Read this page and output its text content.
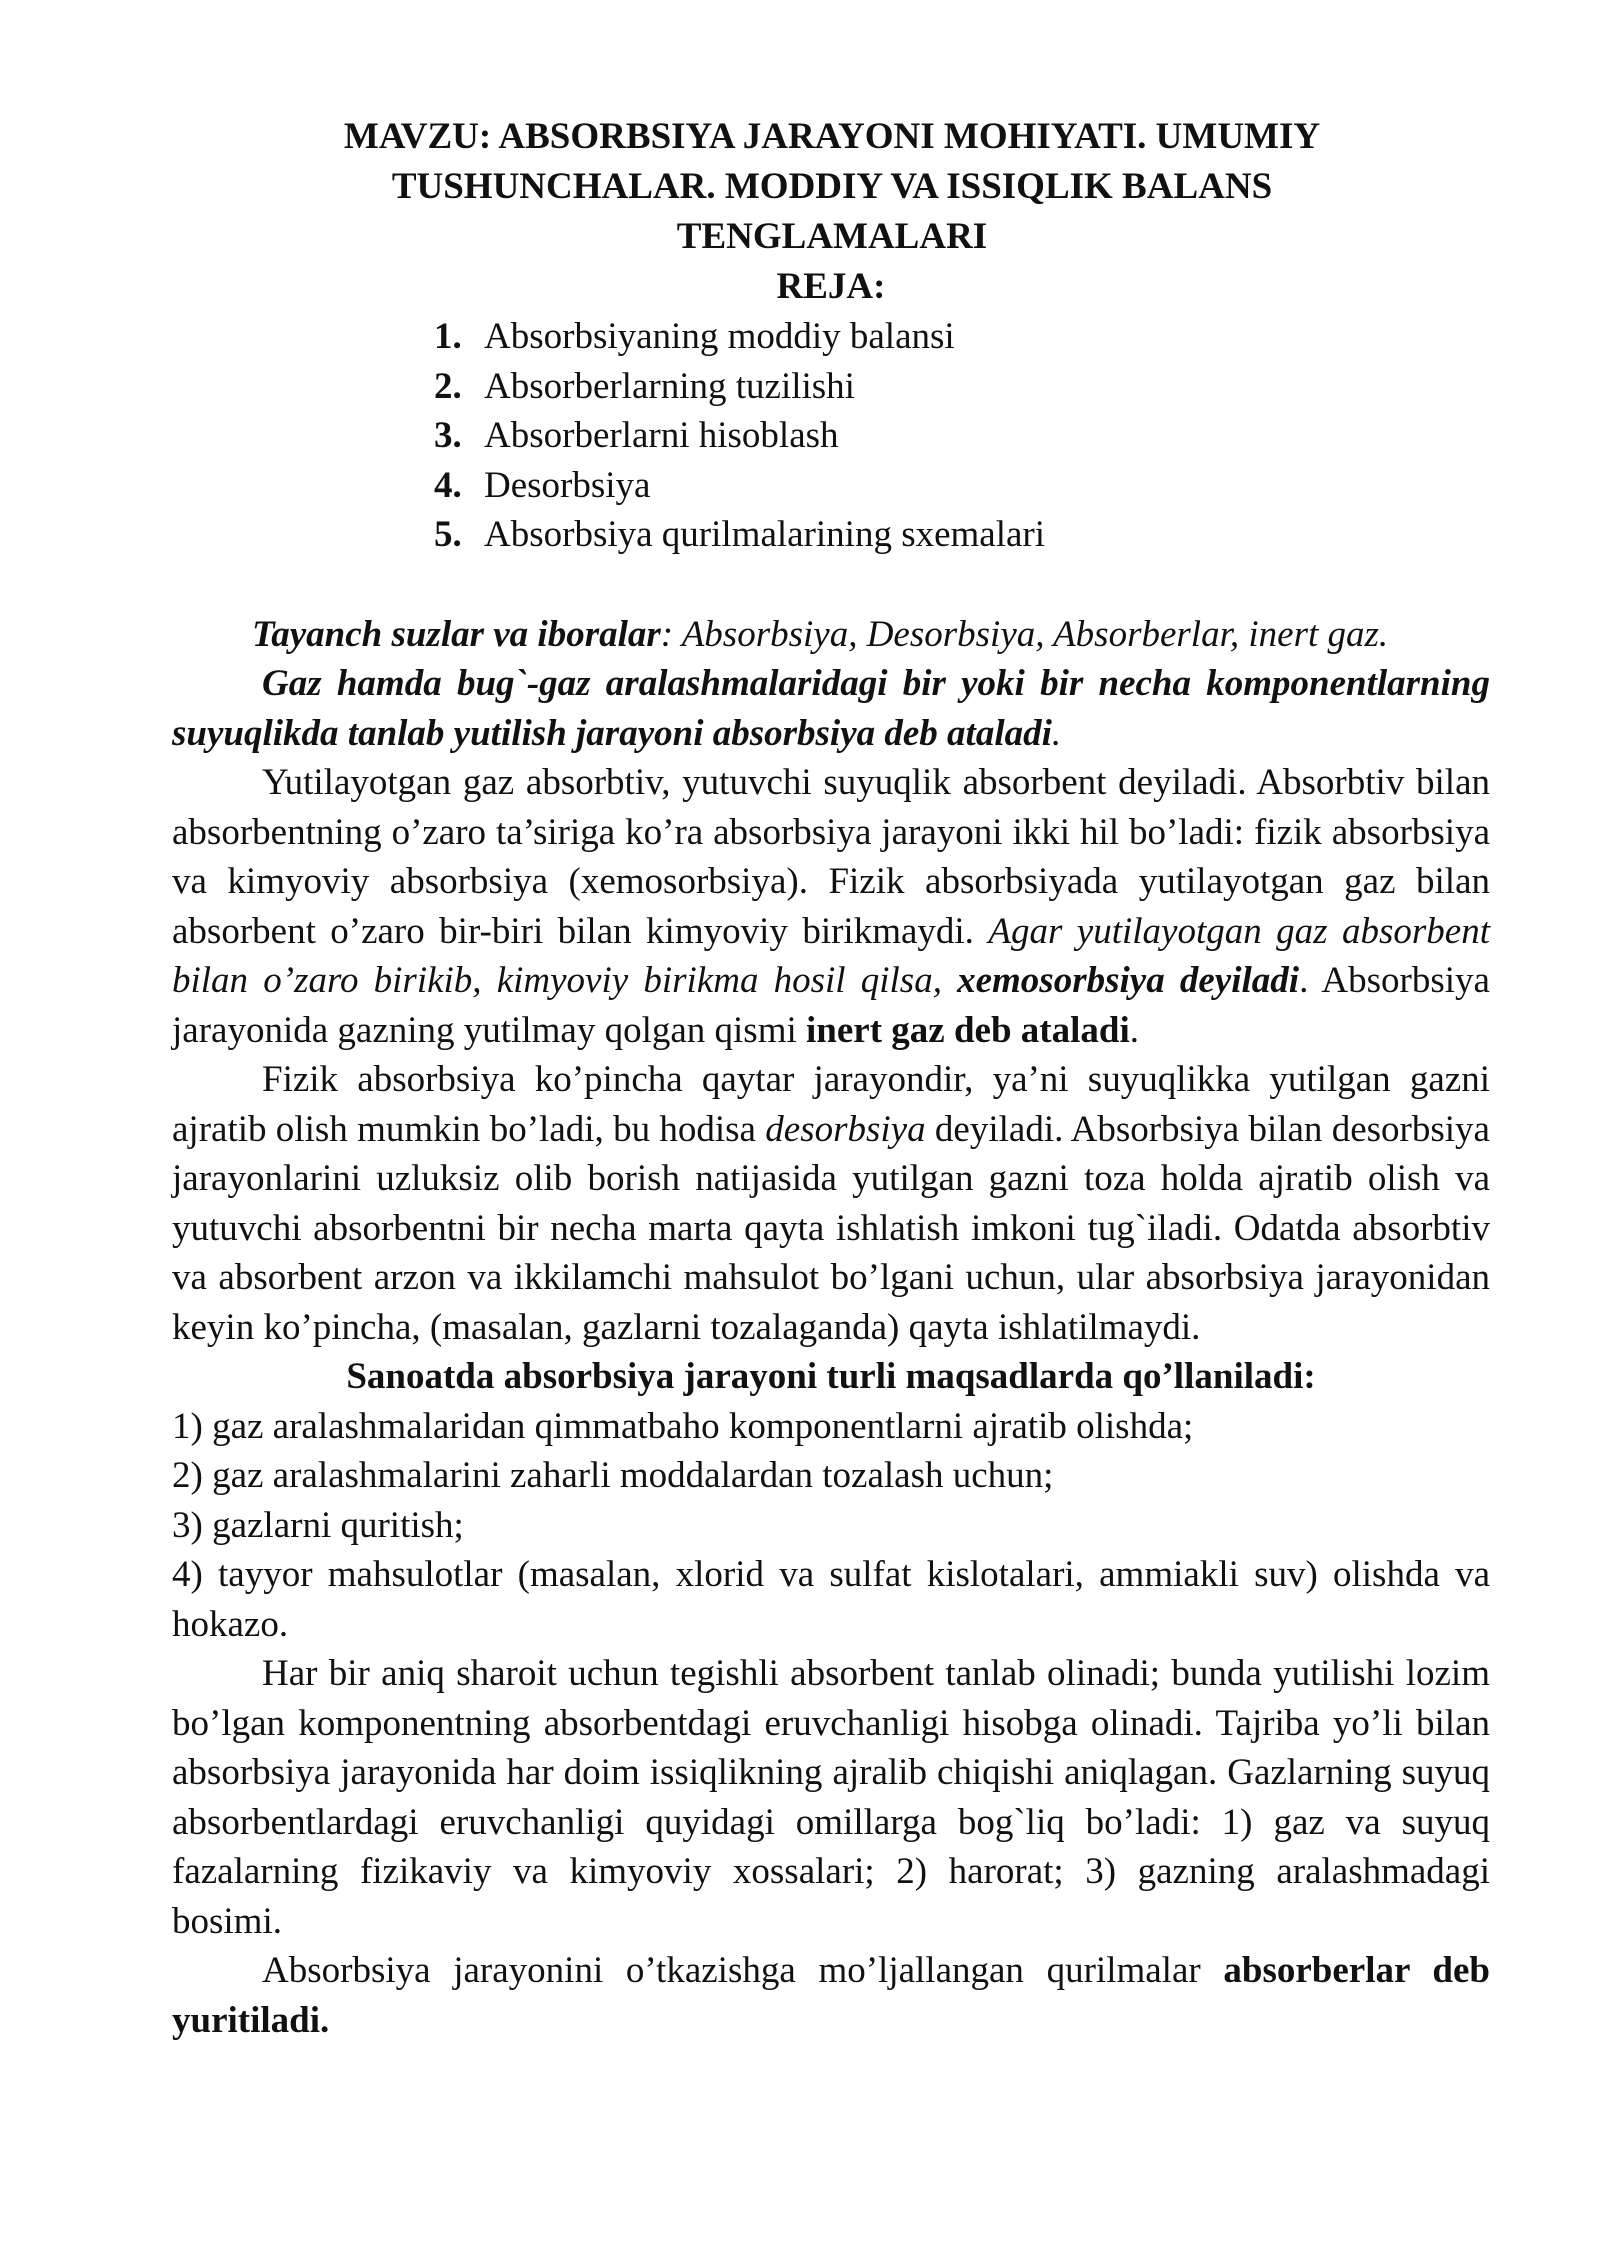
MAVZU: ABSORBSIYA JARAYONI MOHIYATI. UMUMIY
TUSHUNCHALAR. MODDIY VA ISSIQLIK BALANS
TENGLAMALARI
REJA:
1. Absorbsiyaning moddiy balansi
2. Absorberlarning tuzilishi
3. Absorberlarni hisoblash
4. Desorbsiya
5. Absorbsiya qurilmalarining sxemalari

Tayanch suzlar va iboralar: Absorbsiya, Desorbsiya, Absorberlar, inert gaz.

Gaz hamda bug`-gaz aralashmalaridagi bir yoki bir necha komponentlarning suyuqlikda tanlab yutilish jarayoni absorbsiya deb ataladi.

Yutilayotgan gaz absorbtiv, yutuvchi suyuqlik absorbent deyiladi. Absorbtiv bilan absorbentning o’zaro ta’siriga ko’ra absorbsiya jarayoni ikki hil bo’ladi: fizik absorbsiya va kimyoviy absorbsiya (xemosorbsiya). Fizik absorbsiyada yutilayotgan gaz bilan absorbent o’zaro bir-biri bilan kimyoviy birikmaydi. Agar yutilayotgan gaz absorbent bilan o’zaro birikib, kimyoviy birikma hosil qilsa, xemosorbsiya deyiladi. Absorbsiya jarayonida gazning yutilmay qolgan qismi inert gaz deb ataladi.

Fizik absorbsiya ko’pincha qaytar jarayondir, ya’ni suyuqlikka yutilgan gazni ajratib olish mumkin bo’ladi, bu hodisa desorbsiya deyiladi. Absorbsiya bilan desorbsiya jarayonlarini uzluksiz olib borish natijasida yutilgan gazni toza holda ajratib olish va yutuvchi absorbentni bir necha marta qayta ishlatish imkoni tug`iladi. Odatda absorbtiv va absorbent arzon va ikkilamchi mahsulot bo’lgani uchun, ular absorbsiya jarayonidan keyin ko’pincha, (masalan, gazlarni tozalaganda) qayta ishlatilmaydi.

Sanoatda absorbsiya jarayoni turli maqsadlarda qo’llaniladi:

1) gaz aralashmalaridan qimmatbaho komponentlarni ajratib olishda;

2) gaz aralashmalarini zaharli moddalardan tozalash uchun;

3) gazlarni quritish;

4) tayyor mahsulotlar (masalan, xlorid va sulfat kislotalari, ammiakli suv) olishda va hokazo.

Har bir aniq sharoit uchun tegishli absorbent tanlab olinadi; bunda yutilishi lozim bo’lgan komponentning absorbentdagi eruvchanligi hisobga olinadi. Tajriba yo’li bilan absorbsiya jarayonida har doim issiqlikning ajralib chiqishi aniqlagan. Gazlarning suyuq absorbentlardagi eruvchanligi quyidagi omillarga bog`liq bo’ladi: 1) gaz va suyuq fazalarning fizikaviy va kimyoviy xossalari; 2) harorat; 3) gazning aralashmadagi bosimi.

Absorbsiya jarayonini o’tkazishga mo’ljallangan qurilmalar absorberlar deb yuritiladi.
